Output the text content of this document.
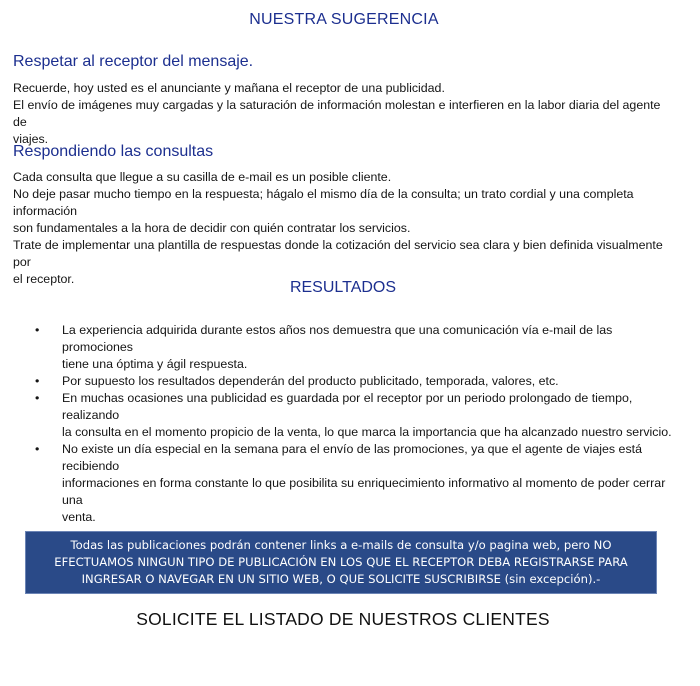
NUESTRA SUGERENCIA
Respetar al receptor del mensaje.
Recuerde, hoy usted es el anunciante y mañana el receptor de una publicidad.
El envío de imágenes muy cargadas y la saturación de información molestan e interfieren en la labor diaria del agente de
viajes.
Respondiendo las consultas
Cada consulta que llegue a su casilla de e-mail es un posible cliente.
No deje pasar mucho tiempo en la respuesta; hágalo el mismo día de la consulta; un trato cordial y una completa información
son fundamentales a la hora de decidir con quién contratar los servicios.
Trate de implementar una plantilla de respuestas donde la cotización del servicio sea clara y bien definida visualmente por
el receptor.	RESULTADOS
• La experiencia adquirida durante estos años nos demuestra que una comunicación vía e-mail de las promociones
tiene una óptima y ágil respuesta.
• Por supuesto los resultados dependerán del producto publicitado, temporada, valores, etc.
• En muchas ocasiones una publicidad es guardada por el receptor por un periodo prolongado de tiempo, realizando
la consulta en el momento propicio de la venta, lo que marca la importancia que ha alcanzado nuestro servicio.
• No existe un día especial en la semana para el envío de las promociones, ya que el agente de viajes está recibiendo
informaciones en forma constante lo que posibilita su enriquecimiento informativo al momento de poder cerrar una
venta.
Todas las publicaciones podrán contener links a e-mails de consulta y/o pagina web, pero NO
EFECTUAMOS NINGUN TIPO DE PUBLICACIÓN EN LOS QUE EL RECEPTOR DEBA REGISTRARSE PARA
INGRESAR O NAVEGAR EN UN SITIO WEB, O QUE SOLICITE SUSCRIBIRSE (sin excepción).-
SOLICITE EL LISTADO DE NUESTROS CLIENTES
